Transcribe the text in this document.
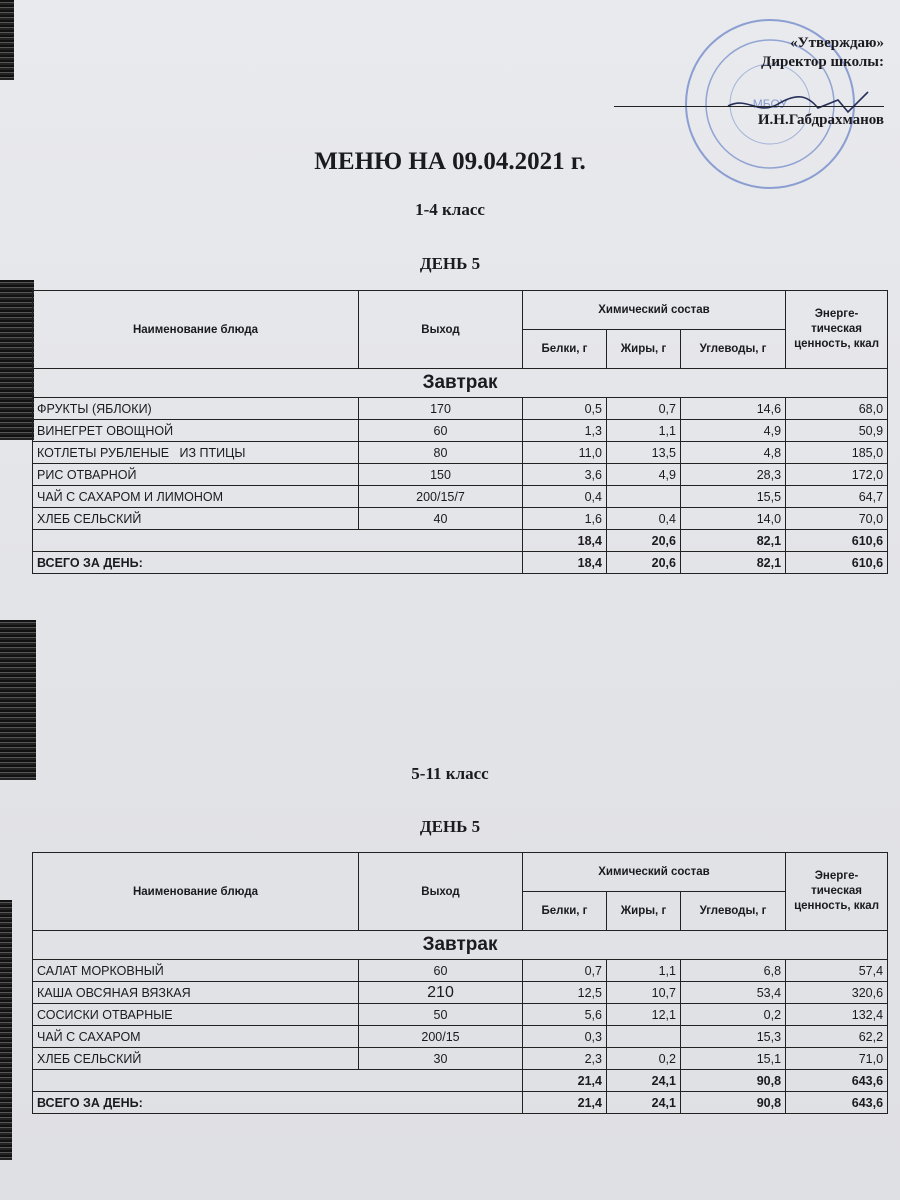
МБОУ
«Утверждаю»
Директор школы:
И.Н.Габдрахманов
МЕНЮ НА 09.04.2021 г.
1-4 класс
ДЕНЬ 5
Наименование блюда	Выход	Химический состав			Энерге-тическая ценность, ккал
		Белки, г	Жиры, г	Углеводы, г	
Завтрак					
ФРУКТЫ (ЯБЛОКИ)	170	0,5	0,7	14,6	68,0
ВИНЕГРЕТ ОВОЩНОЙ	60	1,3	1,1	4,9	50,9
КОТЛЕТЫ РУБЛЕНЫЕ   ИЗ ПТИЦЫ	80	11,0	13,5	4,8	185,0
РИС ОТВАРНОЙ	150	3,6	4,9	28,3	172,0
ЧАЙ С САХАРОМ И ЛИМОНОМ	200/15/7	0,4		15,5	64,7
ХЛЕБ СЕЛЬСКИЙ	40	1,6	0,4	14,0	70,0
		18,4	20,6	82,1	610,6
ВСЕГО ЗА ДЕНЬ:		18,4	20,6	82,1	610,6
5-11 класс
ДЕНЬ 5
Наименование блюда	Выход	Химический состав			Энерге-тическая ценность, ккал
		Белки, г	Жиры, г	Углеводы, г	
Завтрак					
САЛАТ МОРКОВНЫЙ	60	0,7	1,1	6,8	57,4
КАША ОВСЯНАЯ ВЯЗКАЯ	210	12,5	10,7	53,4	320,6
СОСИСКИ ОТВАРНЫЕ	50	5,6	12,1	0,2	132,4
ЧАЙ С САХАРОМ	200/15	0,3		15,3	62,2
ХЛЕБ СЕЛЬСКИЙ	30	2,3	0,2	15,1	71,0
		21,4	24,1	90,8	643,6
ВСЕГО ЗА ДЕНЬ:		21,4	24,1	90,8	643,6
